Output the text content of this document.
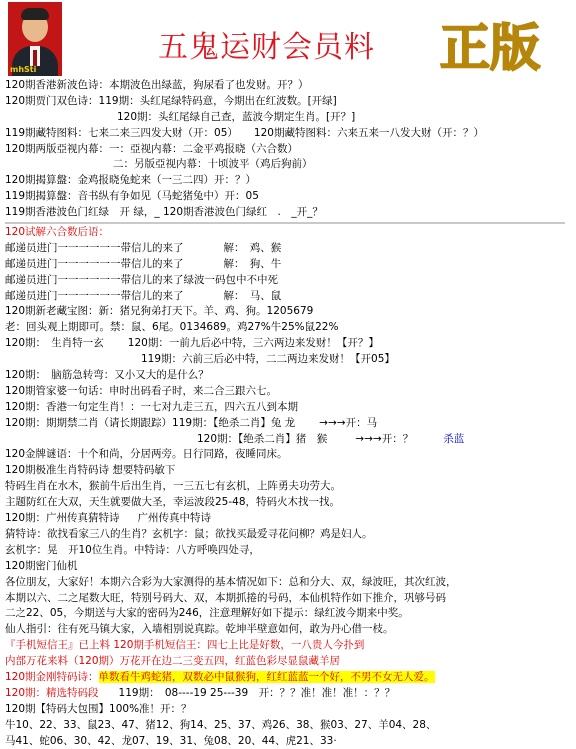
mhSti
五鬼运财会员料 正版
120期香港新波色诗：本期波色出绿蓝，狗尿看了也发财。开？）
120期贾门双色诗：119期：头红尾绿特码意，今期出在红波数。[开绿]
120期：头红尾绿自己查，蓝波今期定生肖。[开？]
119期藏特图料：七来二来三四发大财（开：05） 120期藏特图料：六来五来一八发大财（开：？）
120期两版亞视内幕：一：亞视内幕：二金平鸡报晓（六合数）
二：另版亞视内幕：十顷波平（鸡后狗前）
120期揭算盤：金鸡报晓兔蛇来（一三二四）开：？）
119期揭算盤：音书纵有争如见（马蛇猪兔中）开：05
119期香港波色门红绿　开 绿，_ 120期香港波色门绿红　.　_开_？
120试解六合数后语：
邮递员进门一一一一一一带信儿的来了	解：　鸡、猴
邮递员进门一一一一一一带信儿的来了	解：　狗、牛
邮递员进门一一一一一一带信儿的来了绿波一码包中不中死
邮递员进门一一一一一一带信儿的来了	解：　马、鼠
120期新老藏宝图：新：猪兄狗弟打天下。羊、鸡、狗。1205679
老：回头观上期即可。禁：鼠、6尾。0134689。鸡27%牛25%鼠22%
120期：　生肖特一玄 120期：一前九后必中特，三六两边来发财！【开？】
119期：六前三后必中特，二二两边来发财！【开05】
120期：　脑筋急转弯：又小又大的是什么？
120期管家婆一句话：申时出码看子时，来二合三跟六七。
120期：香港一句定生肖！：一七对九走三五，四六五八到本期
120期：期期禁二肖（请长期跟踪）119期：【绝杀二肖】兔 龙 →→→开：马
120期：【绝杀二肖】猪　猴	→→→开：？	杀蓝
120金牌谜语：十个和尚，分居两旁。日行同路，夜睡同床。
120期极准生肖特码诗 想要特码敏下
特码生肖在水木，猴前牛后出生肖，一三五七有玄机，上阵勇夫功劳大。
主题防红在大双，天生就要做大圣，幸运波段25-48，特码火木找一找。
120期：广州传真猜特诗 广州传真中特诗
猜特诗：欲找看家三八的生肖？玄机字：鼠；欲找买最爱寻花问柳？鸡是妇人。
玄机字：晃　开10位生肖。中特诗：八方呼唤四处寻，
120期密门仙机
各位朋友，大家好！本期六合彩为大家测得的基本情况如下：总和分大、双，绿波旺，其次红波，
本期以六、二之尾数大旺，特别号码大、双，本期抓捲的号码，本仙机特作如下推介，巩够号码
二之22、05，今期送与大家的密码为246，注意理解好如下提示：绿红波今期来中奖。
仙人指引：往有死马镇大家，入墙相别说真踪。乾坤半壁意如何，敢为丹心借一枝。
『手机短信王』已上料 120期手机短信王：四七上比是好数，一八贵人今扑到
内部万花来料（120期）万花开在边二三变五四，红蓝色彩尽显鼠藏羊居
120期金刚特码诗：单数看牛鸡蛇猪，双数必中鼠猴狗，红红蓝蓝一个好，不男不女无人爱。
120期：精选特码段 119期：　08----19 25---39　开：？？准！准！准！：？？
120期【特码大包围】100%准！开：？
牛10、22、33、鼠23、47、猪12、狗14、25、37、鸡26、38、猴03、27、羊04、28、
马41、蛇06、30、42、龙07、19、31、兔08、20、44、虎21、33·
